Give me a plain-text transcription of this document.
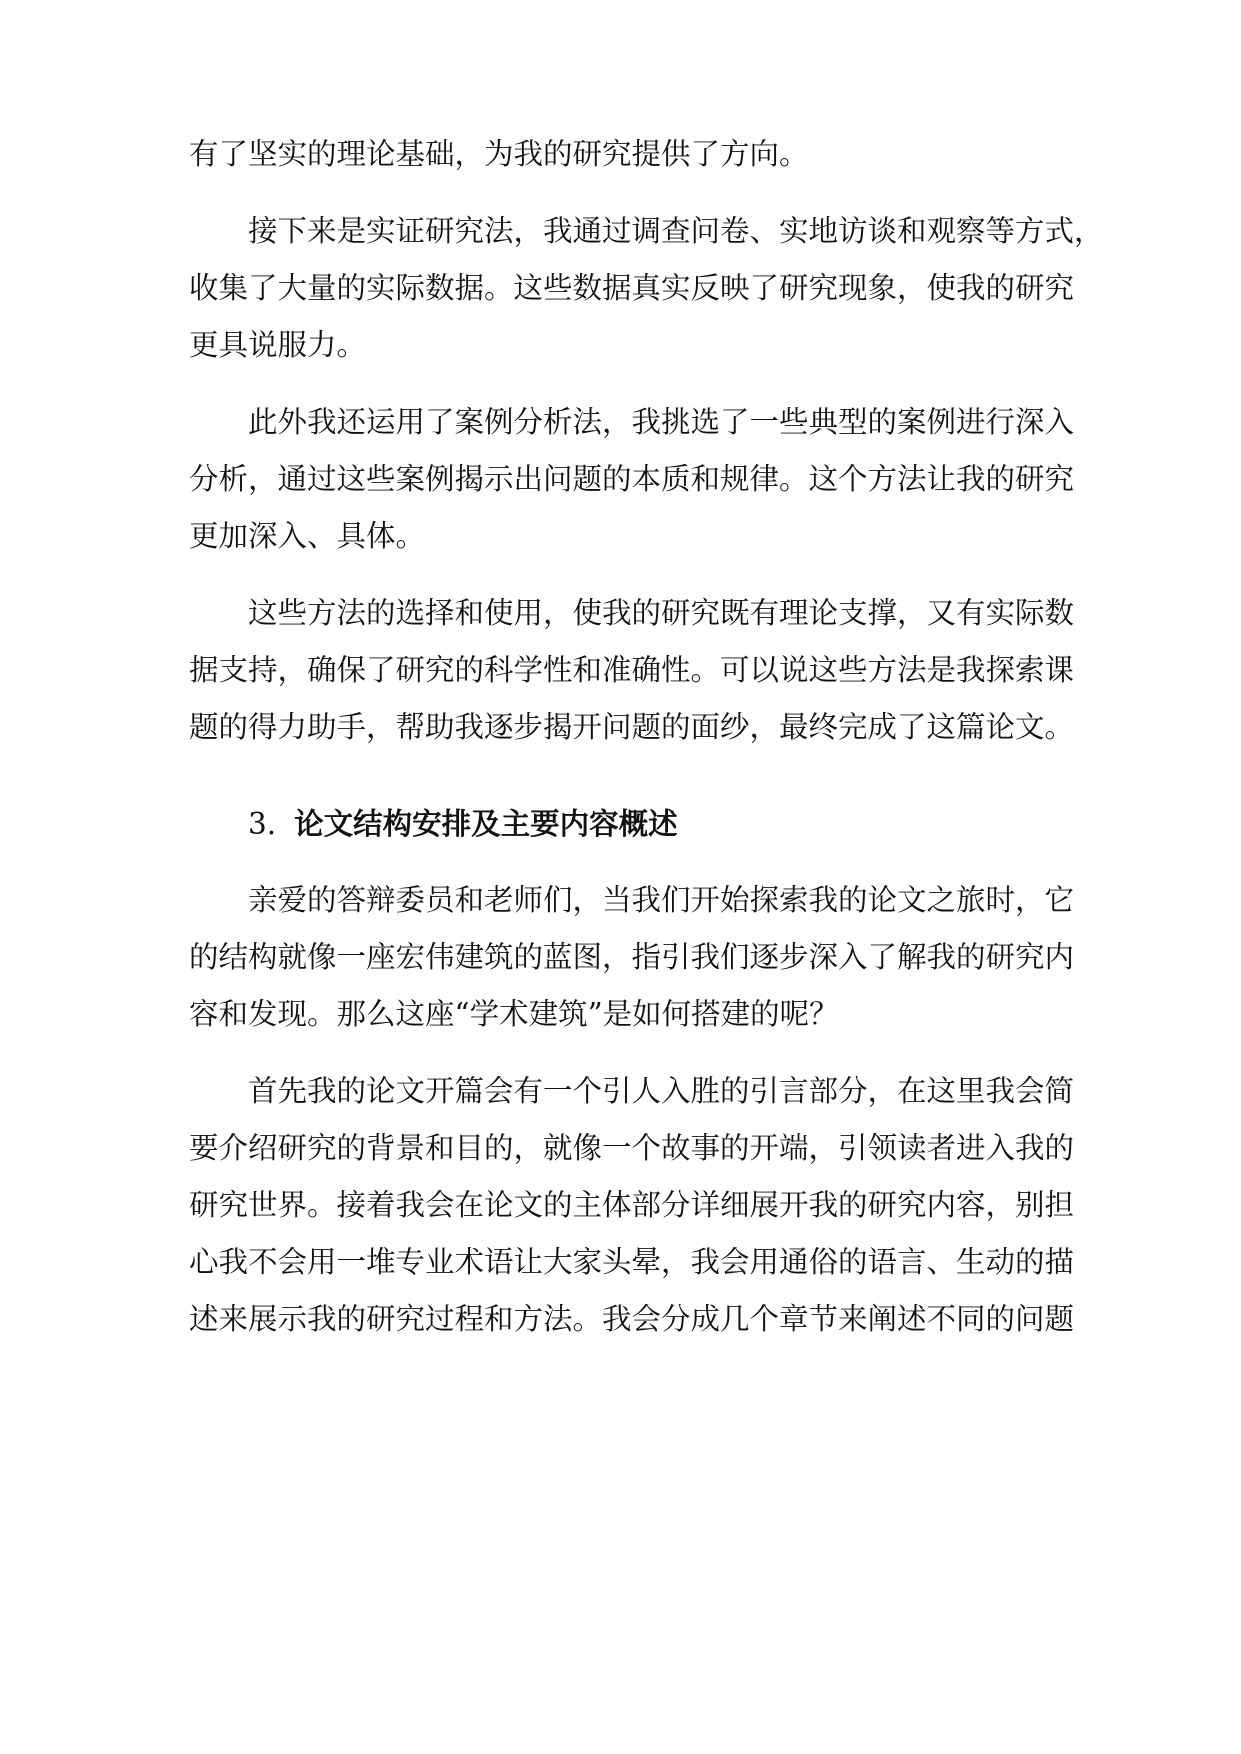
有了坚实的理论基础，为我的研究提供了方向。
接下来是实证研究法，我通过调查问卷、实地访谈和观察等方式，
收集了大量的实际数据。这些数据真实反映了研究现象，使我的研究
更具说服力。
此外我还运用了案例分析法，我挑选了一些典型的案例进行深入
分析，通过这些案例揭示出问题的本质和规律。这个方法让我的研究
更加深入、具体。
这些方法的选择和使用，使我的研究既有理论支撑，又有实际数
据支持，确保了研究的科学性和准确性。可以说这些方法是我探索课
题的得力助手，帮助我逐步揭开问题的面纱，最终完成了这篇论文。
3. 论文结构安排及主要内容概述
亲爱的答辩委员和老师们，当我们开始探索我的论文之旅时，它
的结构就像一座宏伟建筑的蓝图，指引我们逐步深入了解我的研究内
容和发现。那么这座“学术建筑”是如何搭建的呢？
首先我的论文开篇会有一个引人入胜的引言部分，在这里我会简
要介绍研究的背景和目的，就像一个故事的开端，引领读者进入我的
研究世界。接着我会在论文的主体部分详细展开我的研究内容，别担
心我不会用一堆专业术语让大家头晕，我会用通俗的语言、生动的描
述来展示我的研究过程和方法。我会分成几个章节来阐述不同的问题
